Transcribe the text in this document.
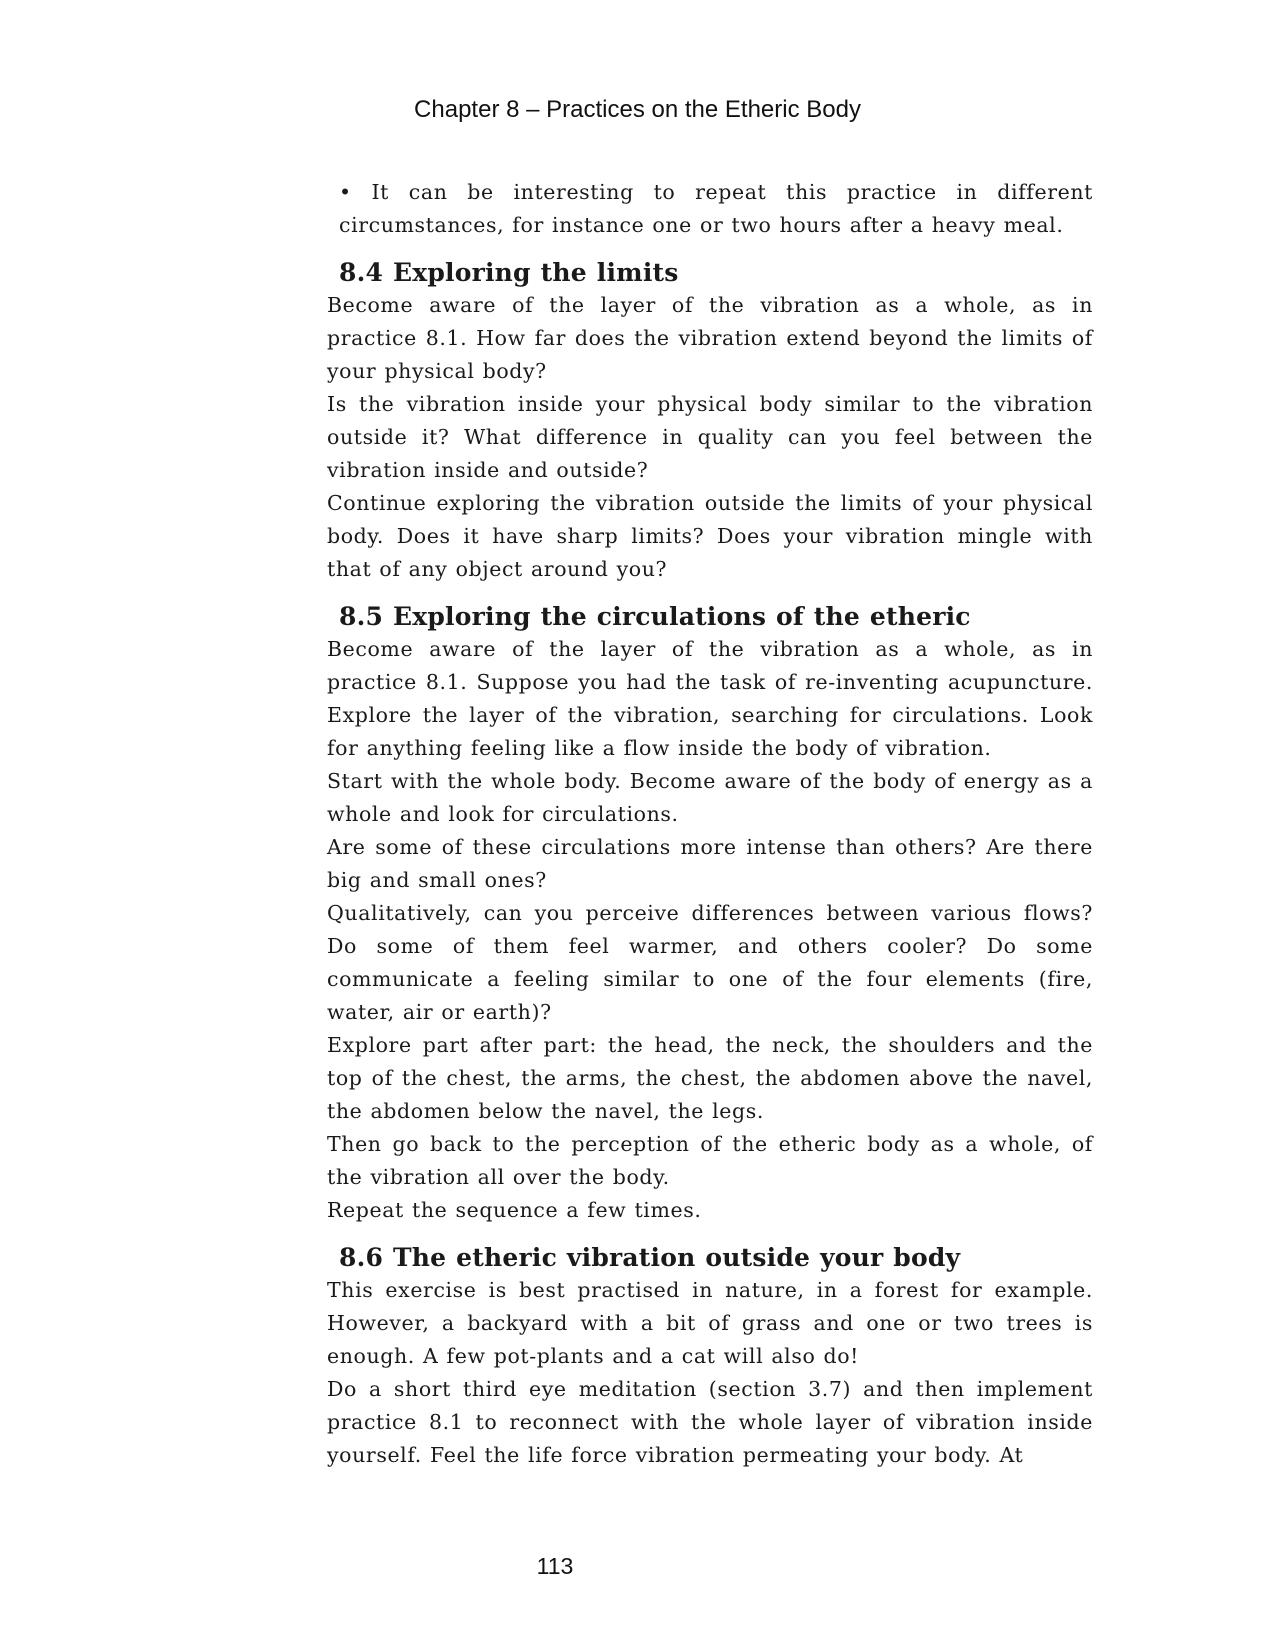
Chapter 8 – Practices on the Etheric Body

• It can be interesting to repeat this practice in different circumstances, for instance one or two hours after a heavy meal.

8.4 Exploring the limits

Become aware of the layer of the vibration as a whole, as in practice 8.1. How far does the vibration extend beyond the limits of your physical body?

Is the vibration inside your physical body similar to the vibration outside it? What difference in quality can you feel between the vibration inside and outside?

Continue exploring the vibration outside the limits of your physical body. Does it have sharp limits? Does your vibration mingle with that of any object around you?

8.5 Exploring the circulations of the etheric

Become aware of the layer of the vibration as a whole, as in practice 8.1. Suppose you had the task of re-inventing acupuncture. Explore the layer of the vibration, searching for circulations. Look for anything feeling like a flow inside the body of vibration.

Start with the whole body. Become aware of the body of energy as a whole and look for circulations.

Are some of these circulations more intense than others? Are there big and small ones?

Qualitatively, can you perceive differences between various flows? Do some of them feel warmer, and others cooler? Do some communicate a feeling similar to one of the four elements (fire, water, air or earth)?

Explore part after part: the head, the neck, the shoulders and the top of the chest, the arms, the chest, the abdomen above the navel, the abdomen below the navel, the legs.

Then go back to the perception of the etheric body as a whole, of the vibration all over the body.

Repeat the sequence a few times.

8.6 The etheric vibration outside your body

This exercise is best practised in nature, in a forest for example. However, a backyard with a bit of grass and one or two trees is enough. A few pot-plants and a cat will also do!

Do a short third eye meditation (section 3.7) and then implement practice 8.1 to reconnect with the whole layer of vibration inside yourself. Feel the life force vibration permeating your body. At

113
